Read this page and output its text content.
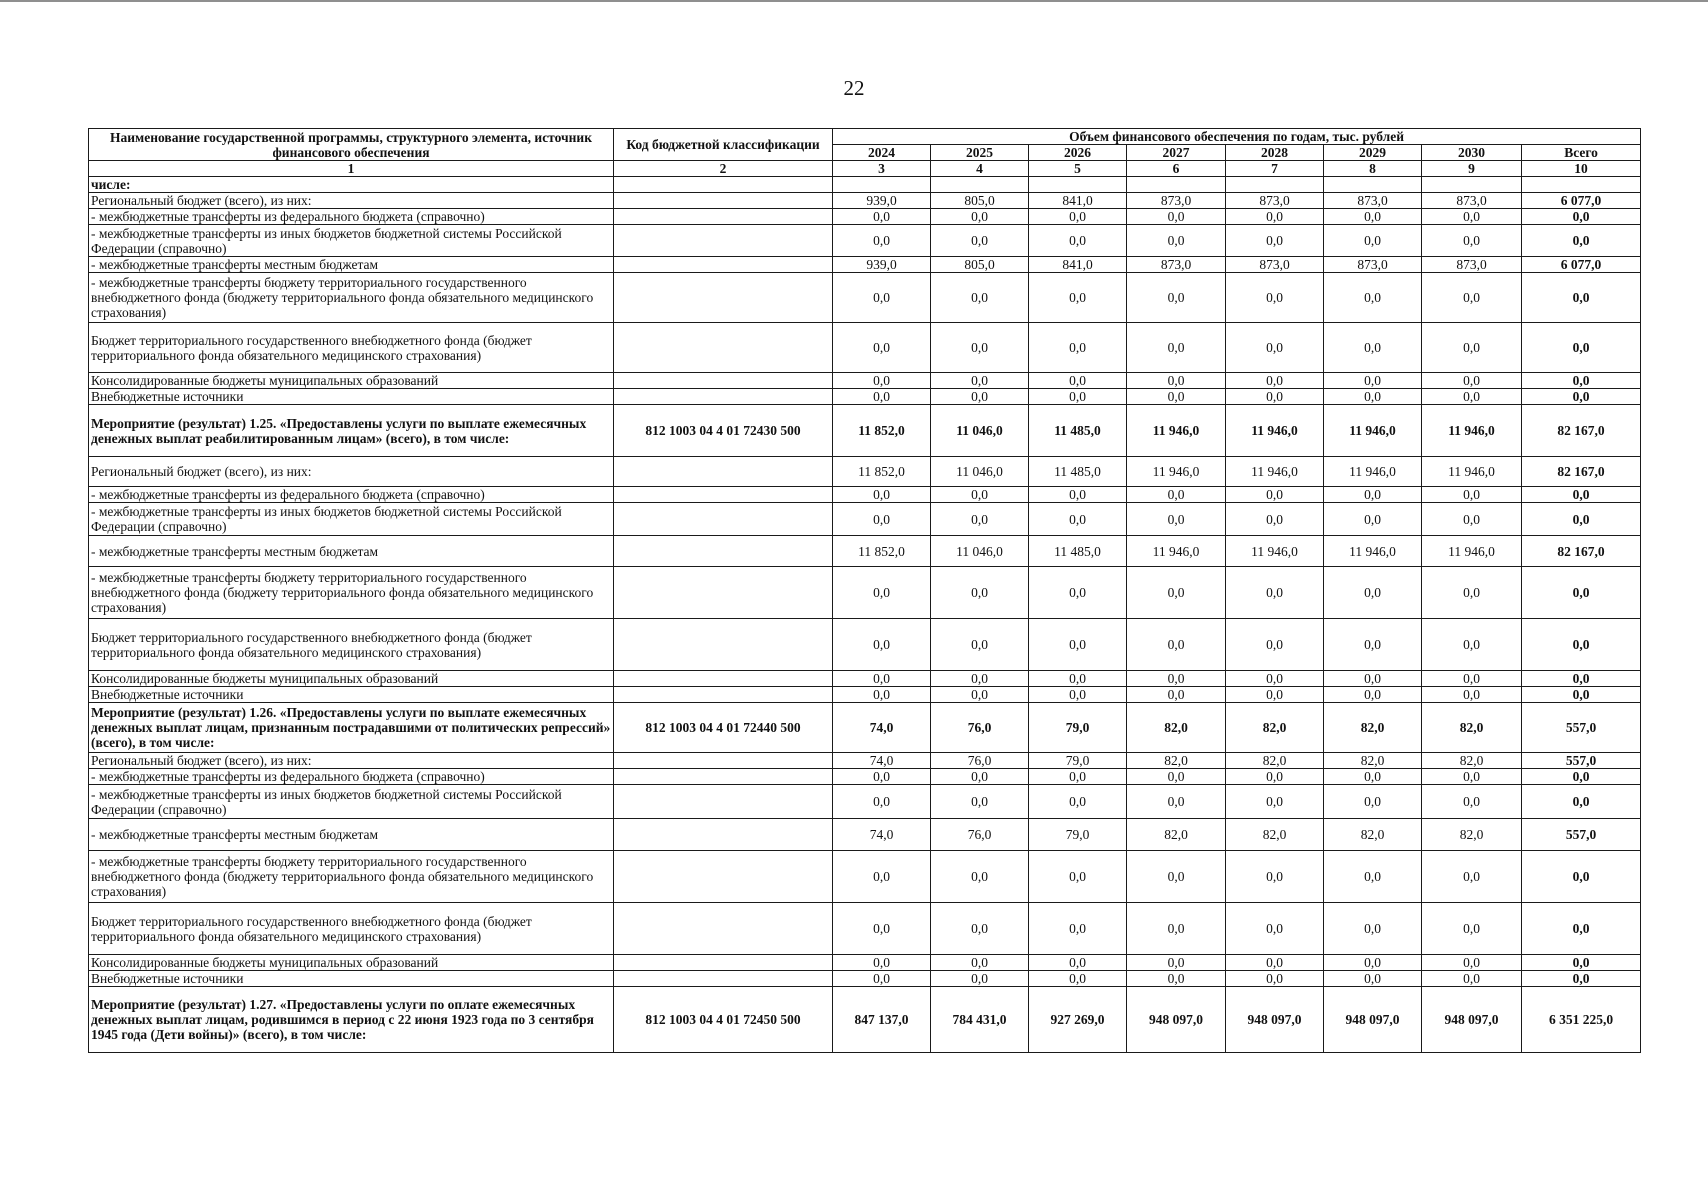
22
Наименование государственной программы, структурного элемента, источник финансового обеспечения	Код бюджетной классификации	Объем финансового обеспечения по годам, тыс. рублей							
		2024	2025	2026	2027	2028	2029	2030	Всего
1	2	3	4	5	6	7	8	9	10
числе:									
Региональный бюджет (всего), из них:		939,0	805,0	841,0	873,0	873,0	873,0	873,0	6 077,0
- межбюджетные трансферты из федерального бюджета (справочно)		0,0	0,0	0,0	0,0	0,0	0,0	0,0	0,0
- межбюджетные трансферты из иных бюджетов бюджетной системы Российской Федерации (справочно)		0,0	0,0	0,0	0,0	0,0	0,0	0,0	0,0
- межбюджетные трансферты местным бюджетам		939,0	805,0	841,0	873,0	873,0	873,0	873,0	6 077,0
- межбюджетные трансферты бюджету территориального государственного внебюджетного фонда (бюджету территориального фонда обязательного медицинского страхования)		0,0	0,0	0,0	0,0	0,0	0,0	0,0	0,0
Бюджет территориального государственного внебюджетного фонда (бюджет территориального фонда обязательного медицинского страхования)		0,0	0,0	0,0	0,0	0,0	0,0	0,0	0,0
Консолидированные бюджеты муниципальных образований		0,0	0,0	0,0	0,0	0,0	0,0	0,0	0,0
Внебюджетные источники		0,0	0,0	0,0	0,0	0,0	0,0	0,0	0,0
Мероприятие (результат) 1.25. «Предоставлены услуги по выплате ежемесячных денежных выплат реабилитированным лицам» (всего), в том числе:	812 1003 04 4 01 72430 500	11 852,0	11 046,0	11 485,0	11 946,0	11 946,0	11 946,0	11 946,0	82 167,0
Региональный бюджет (всего), из них:		11 852,0	11 046,0	11 485,0	11 946,0	11 946,0	11 946,0	11 946,0	82 167,0
- межбюджетные трансферты из федерального бюджета (справочно)		0,0	0,0	0,0	0,0	0,0	0,0	0,0	0,0
- межбюджетные трансферты из иных бюджетов бюджетной системы Российской Федерации (справочно)		0,0	0,0	0,0	0,0	0,0	0,0	0,0	0,0
- межбюджетные трансферты местным бюджетам		11 852,0	11 046,0	11 485,0	11 946,0	11 946,0	11 946,0	11 946,0	82 167,0
- межбюджетные трансферты бюджету территориального государственного внебюджетного фонда (бюджету территориального фонда обязательного медицинского страхования)		0,0	0,0	0,0	0,0	0,0	0,0	0,0	0,0
Бюджет территориального государственного внебюджетного фонда (бюджет территориального фонда обязательного медицинского страхования)		0,0	0,0	0,0	0,0	0,0	0,0	0,0	0,0
Консолидированные бюджеты муниципальных образований		0,0	0,0	0,0	0,0	0,0	0,0	0,0	0,0
Внебюджетные источники		0,0	0,0	0,0	0,0	0,0	0,0	0,0	0,0
Мероприятие (результат) 1.26. «Предоставлены услуги по выплате ежемесячных денежных выплат лицам, признанным пострадавшими от политических репрессий» (всего), в том числе:	812 1003 04 4 01 72440 500	74,0	76,0	79,0	82,0	82,0	82,0	82,0	557,0
Региональный бюджет (всего), из них:		74,0	76,0	79,0	82,0	82,0	82,0	82,0	557,0
- межбюджетные трансферты из федерального бюджета (справочно)		0,0	0,0	0,0	0,0	0,0	0,0	0,0	0,0
- межбюджетные трансферты из иных бюджетов бюджетной системы Российской Федерации (справочно)		0,0	0,0	0,0	0,0	0,0	0,0	0,0	0,0
- межбюджетные трансферты местным бюджетам		74,0	76,0	79,0	82,0	82,0	82,0	82,0	557,0
- межбюджетные трансферты бюджету территориального государственного внебюджетного фонда (бюджету территориального фонда обязательного медицинского страхования)		0,0	0,0	0,0	0,0	0,0	0,0	0,0	0,0
Бюджет территориального государственного внебюджетного фонда (бюджет территориального фонда обязательного медицинского страхования)		0,0	0,0	0,0	0,0	0,0	0,0	0,0	0,0
Консолидированные бюджеты муниципальных образований		0,0	0,0	0,0	0,0	0,0	0,0	0,0	0,0
Внебюджетные источники		0,0	0,0	0,0	0,0	0,0	0,0	0,0	0,0
Мероприятие (результат) 1.27. «Предоставлены услуги по оплате ежемесячных денежных выплат лицам, родившимся в период с 22 июня 1923 года по 3 сентября 1945 года (Дети войны)» (всего), в том числе:	812 1003 04 4 01 72450 500	847 137,0	784 431,0	927 269,0	948 097,0	948 097,0	948 097,0	948 097,0	6 351 225,0
